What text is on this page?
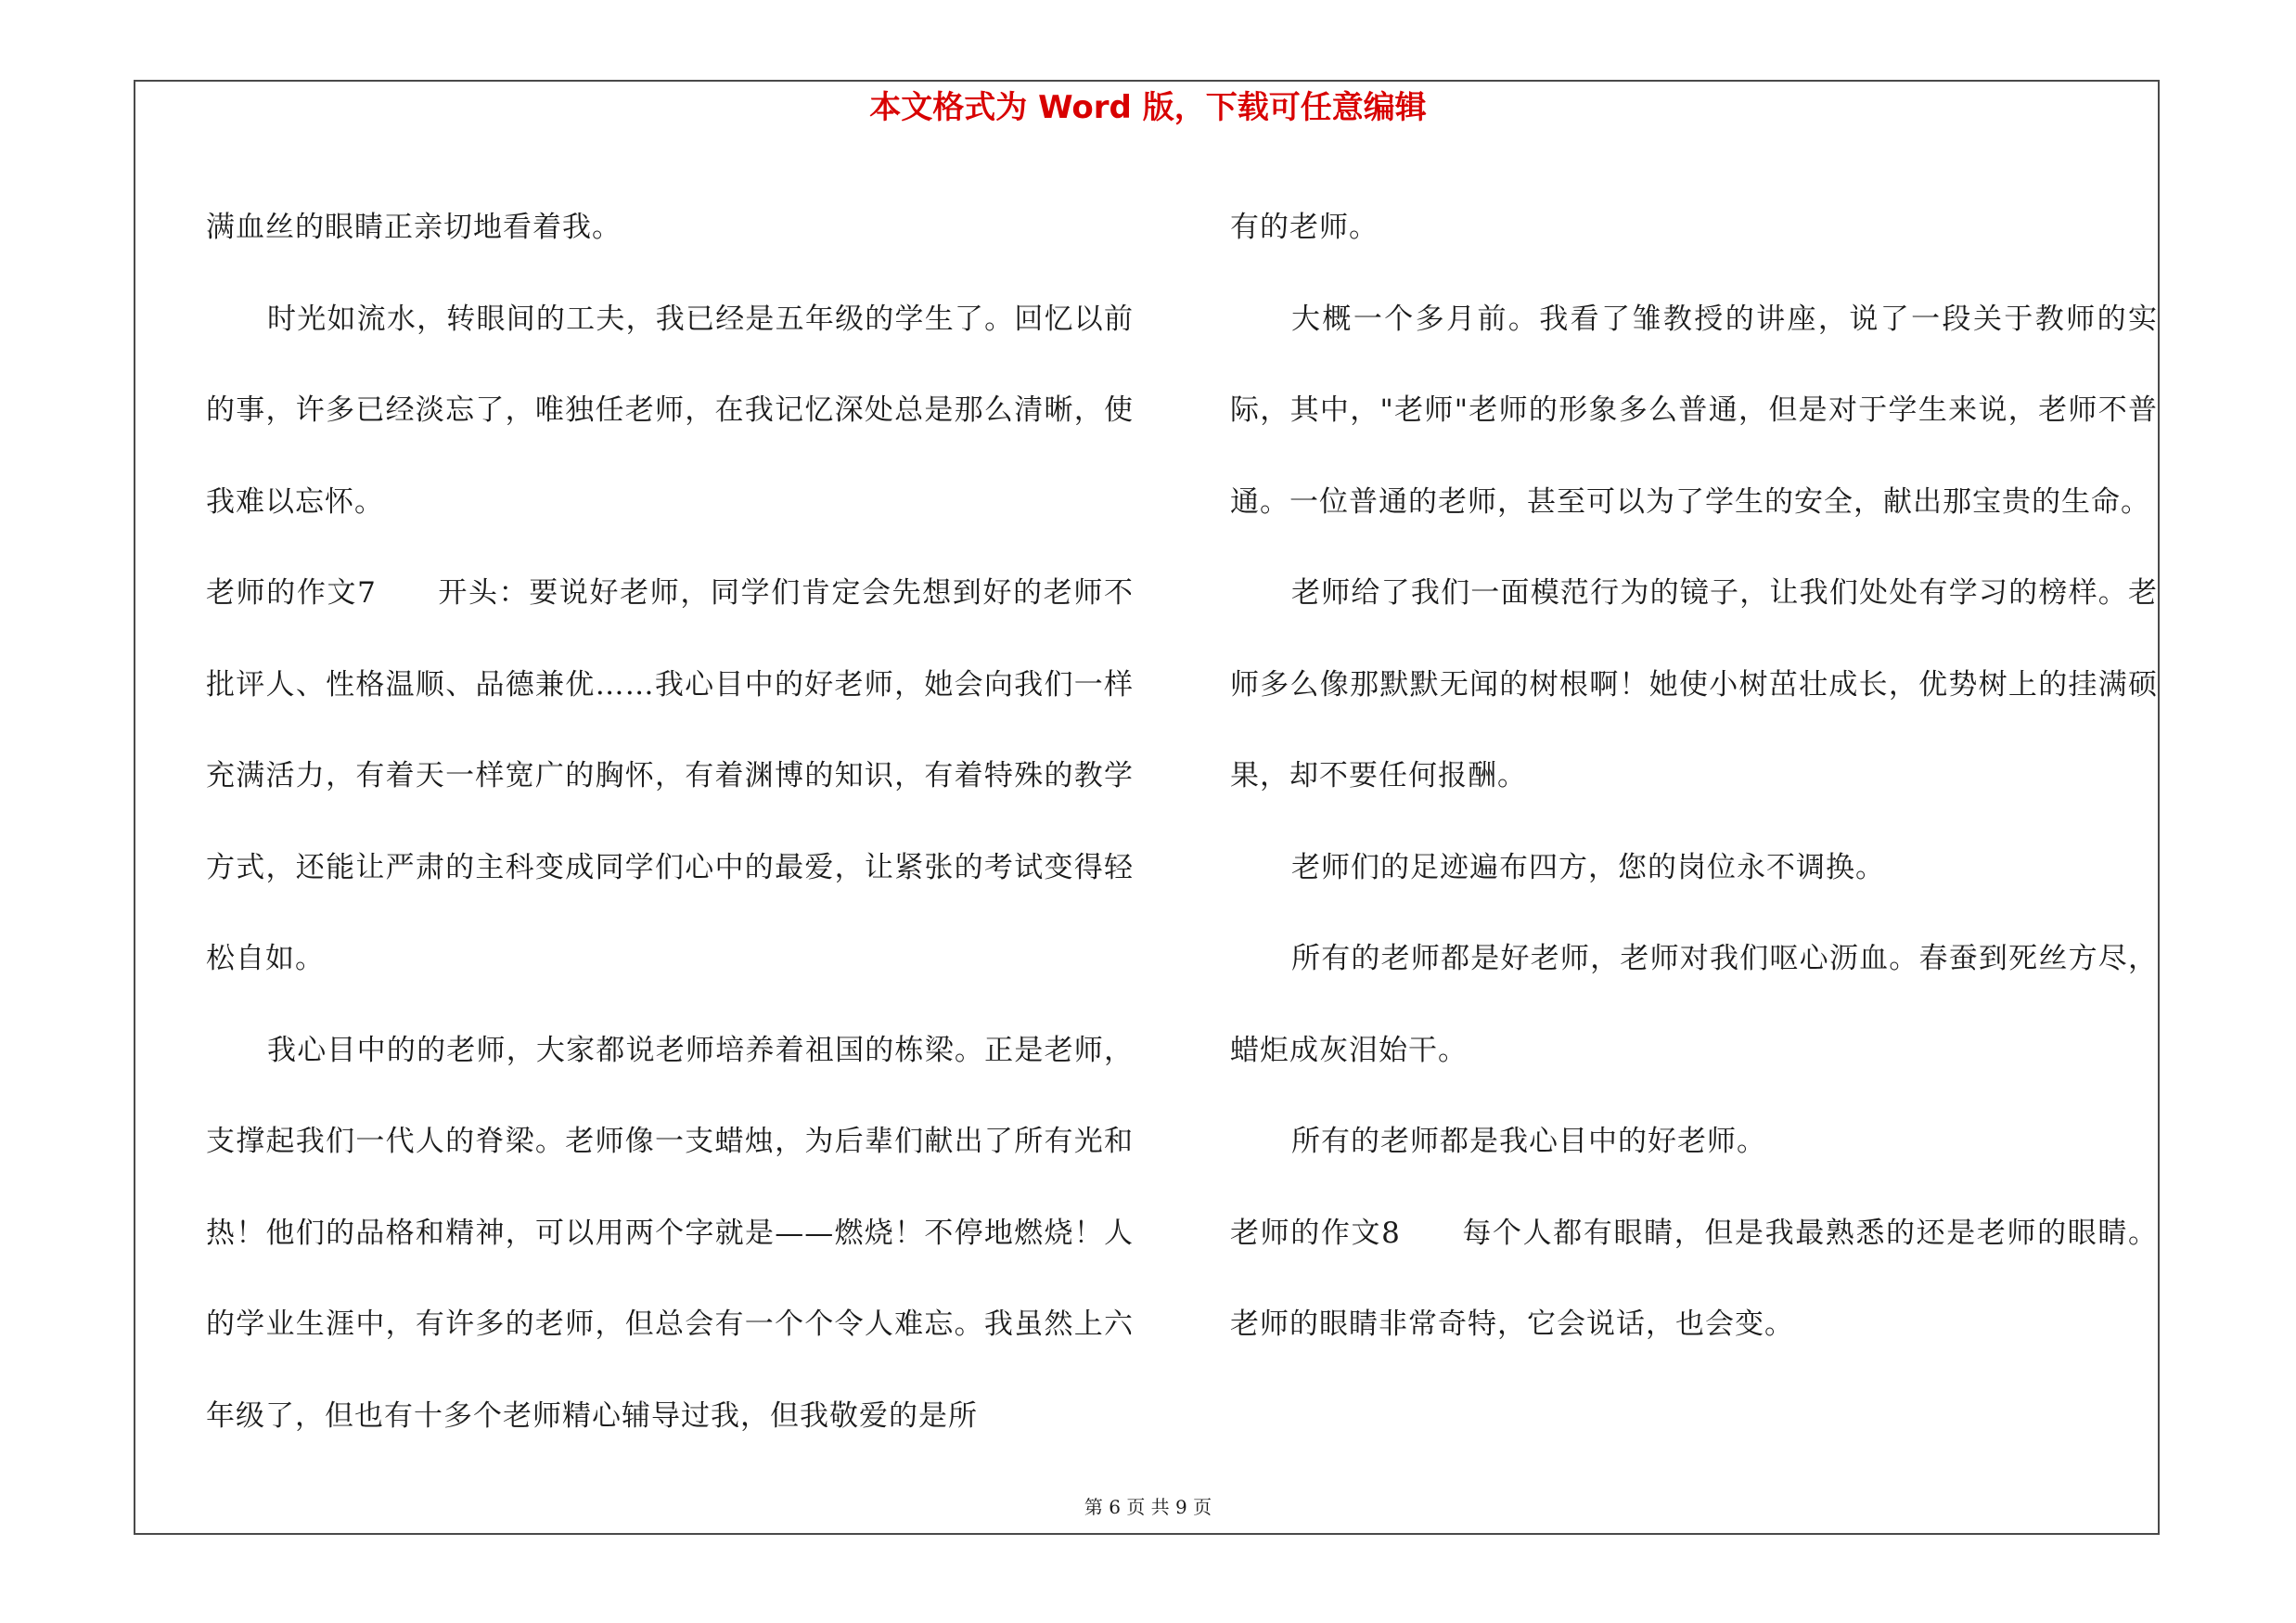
本文格式为 Word 版，下载可任意编辑

满血丝的眼睛正亲切地看着我。

时光如流水，转眼间的工夫，我已经是五年级的学生了。回忆以前的事，许多已经淡忘了，唯独任老师，在我记忆深处总是那么清晰，使我难以忘怀。

老师的作文7 开头：要说好老师，同学们肯定会先想到好的老师不批评人、性格温顺、品德兼优……我心目中的好老师，她会向我们一样充满活力，有着天一样宽广的胸怀，有着渊博的知识，有着特殊的教学方式，还能让严肃的主科变成同学们心中的最爱，让紧张的考试变得轻松自如。

我心目中的的老师，大家都说老师培养着祖国的栋梁。正是老师，支撑起我们一代人的脊梁。老师像一支蜡烛，为后辈们献出了所有光和热！他们的品格和精神，可以用两个字就是——燃烧！不停地燃烧！人的学业生涯中，有许多的老师，但总会有一个个令人难忘。我虽然上六年级了，但也有十多个老师精心辅导过我，但我敬爱的是所

有的老师。

大概一个多月前。我看了雏教授的讲座，说了一段关于教师的实际，其中，"老师"老师的形象多么普通，但是对于学生来说，老师不普通。一位普通的老师，甚至可以为了学生的安全，献出那宝贵的生命。

老师给了我们一面模范行为的镜子，让我们处处有学习的榜样。老师多么像那默默无闻的树根啊！她使小树茁壮成长，优势树上的挂满硕果，却不要任何报酬。

老师们的足迹遍布四方，您的岗位永不调换。

所有的老师都是好老师，老师对我们呕心沥血。春蚕到死丝方尽，蜡炬成灰泪始干。

所有的老师都是我心目中的好老师。

老师的作文8 每个人都有眼睛，但是我最熟悉的还是老师的眼睛。老师的眼睛非常奇特，它会说话，也会变。

第 6 页 共 9 页
